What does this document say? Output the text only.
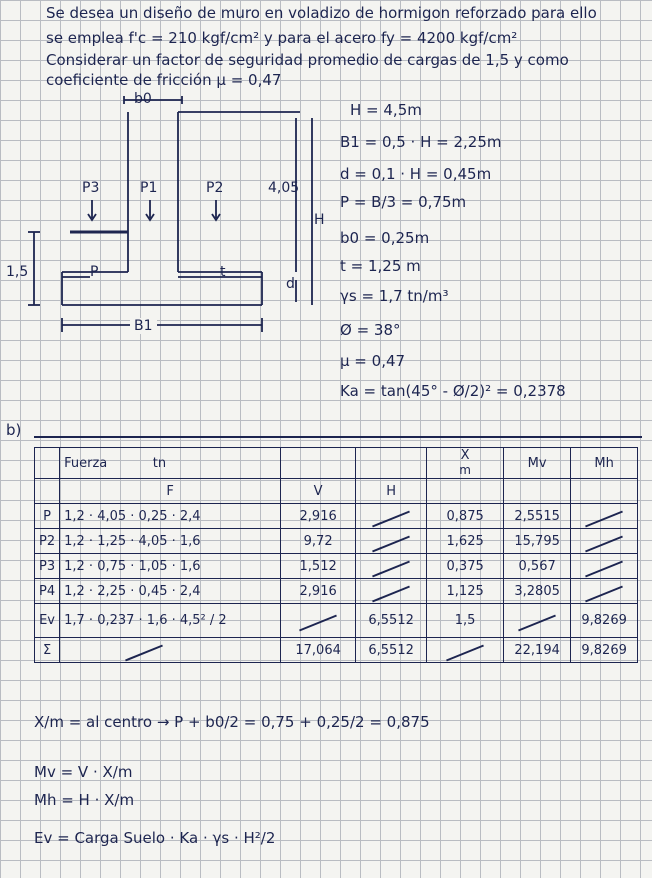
Se desea un diseño de muro en voladizo de hormigon reforzado para ello
se emplea f'c = 210 kgf/cm² y para el acero fy = 4200 kgf/cm²
Considerar un factor de seguridad promedio de cargas de 1,5 y como
coeficiente de fricción μ = 0,47
b0
P3	P1	P2	4,05
H
d
1,5	P	t
B1
H = 4,5m
B1 = 0,5 · H = 2,25m
d = 0,1 · H = 0,45m
P = B/3 = 0,75m
b0 = 0,25m
t = 1,25 m
γs = 1,7 tn/m³
Ø = 38°
μ = 0,47
Ka = tan(45° - Ø/2)² = 0,2378
b)
	Fuerza tn			X
m	Mv	Mh
	F	V	H			
P	1,2 · 4,05 · 0,25 · 2,4	2,916		0,875	2,5515	
P2	1,2 · 1,25 · 4,05 · 1,6	9,72		1,625	15,795	
P3	1,2 · 0,75 · 1,05 · 1,6	1,512		0,375	0,567	
P4	1,2 · 2,25 · 0,45 · 2,4	2,916		1,125	3,2805	
Ev	1,7 · 0,237 · 1,6 · 4,5² / 2		6,5512	1,5		9,8269
Σ		17,064	6,5512		22,194	9,8269
X/m = al centro → P + b0/2 = 0,75 + 0,25/2 = 0,875
Mv = V · X/m
Mh = H · X/m
Ev = Carga Suelo · Ka · γs · H²/2
